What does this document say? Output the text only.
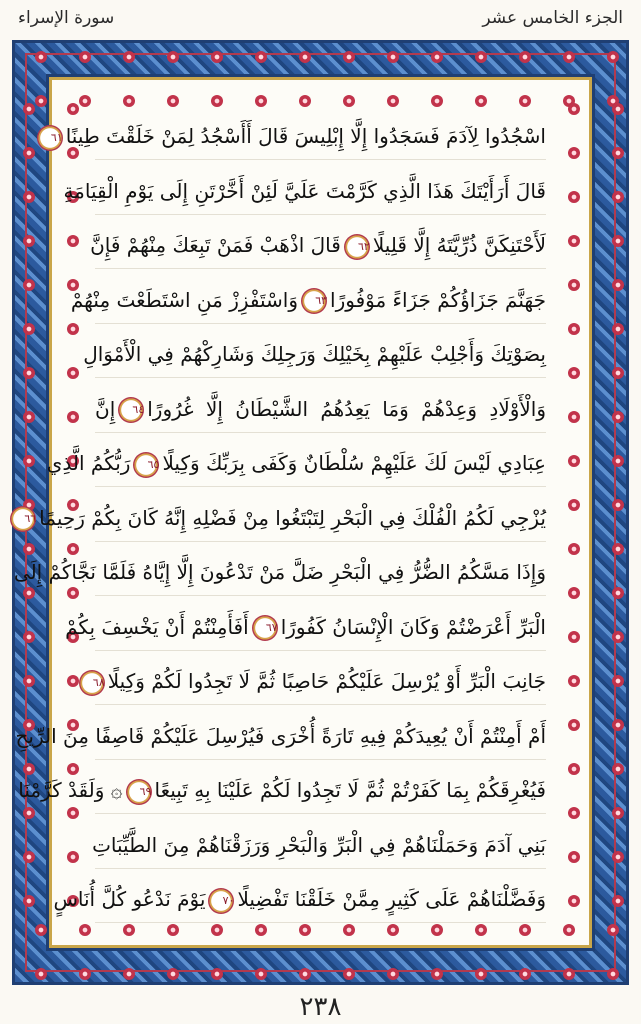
سورة الإسراء	الجزء الخامس عشر
اسْجُدُوا لِآدَمَ فَسَجَدُوا إِلَّا إِبْلِيسَ قَالَ أَأَسْجُدُ لِمَنْ خَلَقْتَ طِينًا٦١
قَالَ أَرَأَيْتَكَ هَذَا الَّذِي كَرَّمْتَ عَلَيَّ لَئِنْ أَخَّرْتَنِ إِلَى يَوْمِ الْقِيَامَةِ
لَأَحْتَنِكَنَّ ذُرِّيَّتَهُ إِلَّا قَلِيلًا٦٢قَالَ اذْهَبْ فَمَنْ تَبِعَكَ مِنْهُمْ فَإِنَّ
جَهَنَّمَ جَزَاؤُكُمْ جَزَاءً مَوْفُورًا٦٣وَاسْتَفْزِزْ مَنِ اسْتَطَعْتَ مِنْهُمْ
بِصَوْتِكَ وَأَجْلِبْ عَلَيْهِمْ بِخَيْلِكَ وَرَجِلِكَ وَشَارِكْهُمْ فِي الْأَمْوَالِ
وَالْأَوْلَادِ وَعِدْهُمْ وَمَا يَعِدُهُمُ الشَّيْطَانُ إِلَّا غُرُورًا٦٤إِنَّ
عِبَادِي لَيْسَ لَكَ عَلَيْهِمْ سُلْطَانٌ وَكَفَى بِرَبِّكَ وَكِيلًا٦٥رَبُّكُمُ الَّذِي
يُزْجِي لَكُمُ الْفُلْكَ فِي الْبَحْرِ لِتَبْتَغُوا مِنْ فَضْلِهِ إِنَّهُ كَانَ بِكُمْ رَحِيمًا٦٦
وَإِذَا مَسَّكُمُ الضُّرُّ فِي الْبَحْرِ ضَلَّ مَنْ تَدْعُونَ إِلَّا إِيَّاهُ فَلَمَّا نَجَّاكُمْ إِلَى
الْبَرِّ أَعْرَضْتُمْ وَكَانَ الْإِنْسَانُ كَفُورًا٦٧أَفَأَمِنْتُمْ أَنْ يَخْسِفَ بِكُمْ
جَانِبَ الْبَرِّ أَوْ يُرْسِلَ عَلَيْكُمْ حَاصِبًا ثُمَّ لَا تَجِدُوا لَكُمْ وَكِيلًا٦٨
أَمْ أَمِنْتُمْ أَنْ يُعِيدَكُمْ فِيهِ تَارَةً أُخْرَى فَيُرْسِلَ عَلَيْكُمْ قَاصِفًا مِنَ الرِّيحِ
فَيُغْرِقَكُمْ بِمَا كَفَرْتُمْ ثُمَّ لَا تَجِدُوا لَكُمْ عَلَيْنَا بِهِ تَبِيعًا٦٩۞ وَلَقَدْ كَرَّمْنَا
بَنِي آدَمَ وَحَمَلْنَاهُمْ فِي الْبَرِّ وَالْبَحْرِ وَرَزَقْنَاهُمْ مِنَ الطَّيِّبَاتِ
وَفَضَّلْنَاهُمْ عَلَى كَثِيرٍ مِمَّنْ خَلَقْنَا تَفْضِيلًا٧٠يَوْمَ نَدْعُو كُلَّ أُنَاسٍ
٢٣٨
